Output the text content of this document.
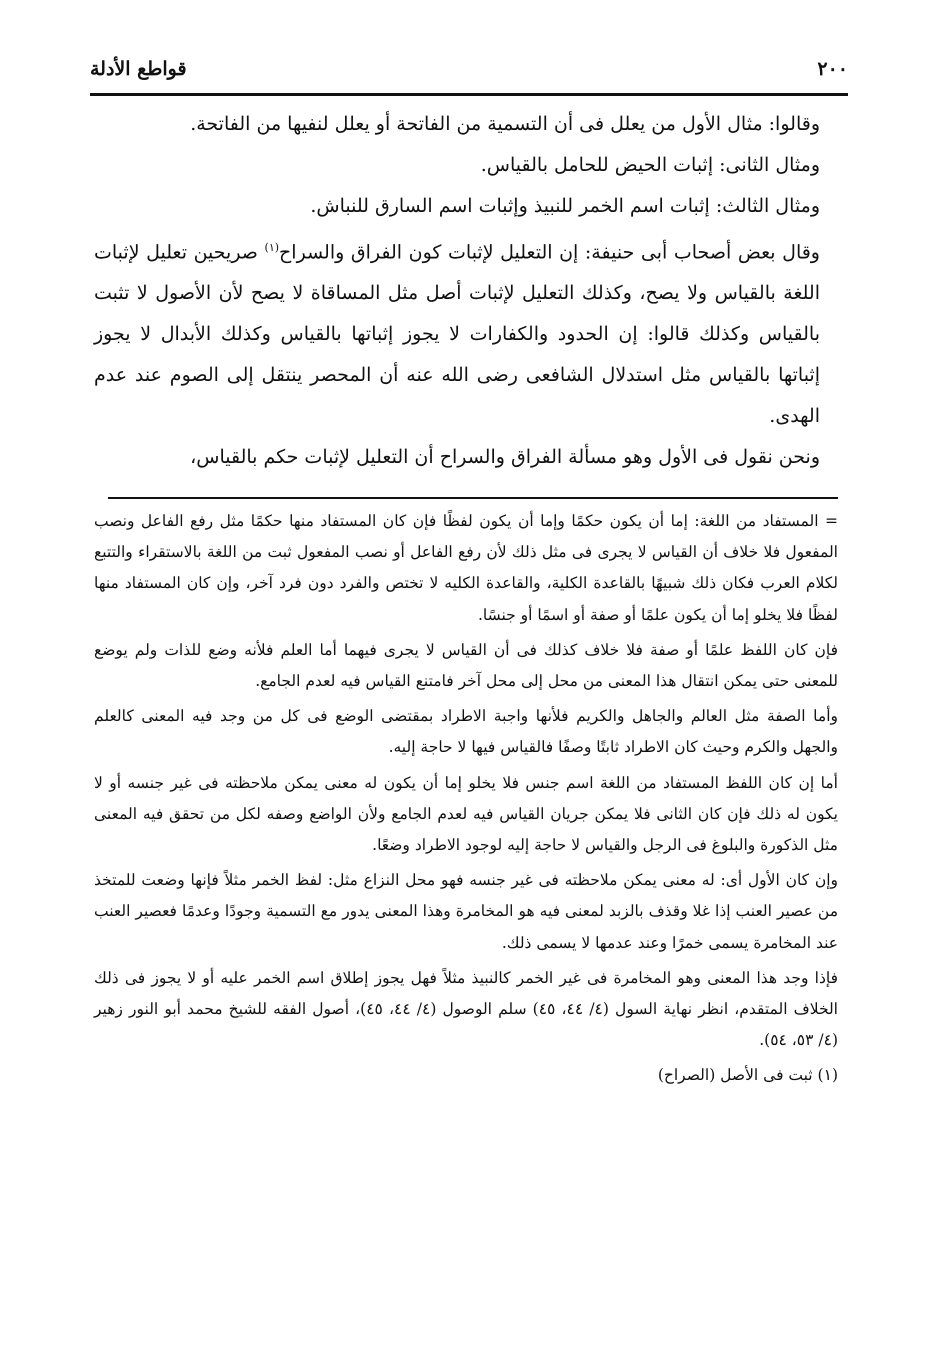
٢٠٠
قواطع الأدلة

وقالوا: مثال الأول من يعلل فى أن التسمية من الفاتحة أو يعلل لنفيها من الفاتحة.

ومثال الثانى: إثبات الحيض للحامل بالقياس.

ومثال الثالث: إثبات اسم الخمر للنبيذ وإثبات اسم السارق للنباش.

وقال بعض أصحاب أبى حنيفة: إن التعليل لإثبات كون الفراق والسراح$^{(١)}$ صريحين تعليل لإثبات اللغة بالقياس ولا يصح، وكذلك التعليل لإثبات أصل مثل المساقاة لا يصح لأن الأصول لا تثبت بالقياس وكذلك قالوا: إن الحدود والكفارات لا يجوز إثباتها بالقياس وكذلك الأبدال لا يجوز إثباتها بالقياس مثل استدلال الشافعى رضى الله عنه أن المحصر ينتقل إلى الصوم عند عدم الهدى.

ونحن نقول فى الأول وهو مسألة الفراق والسراح أن التعليل لإثبات حكم بالقياس،

= المستفاد من اللغة: إما أن يكون حكمًا وإما أن يكون لفظًا فإن كان المستفاد منها حكمًا مثل رفع الفاعل ونصب المفعول فلا خلاف أن القياس لا يجرى فى مثل ذلك لأن رفع الفاعل أو نصب المفعول ثبت من اللغة بالاستقراء والتتبع لكلام العرب فكان ذلك شبيهًا بالقاعدة الكلية، والقاعدة الكليه لا تختص والفرد دون فرد آخر، وإن كان المستفاد منها لفظًا فلا يخلو إما أن يكون علمًا أو صفة أو اسمًا أو جنسًا.

فإن كان اللفظ علمًا أو صفة فلا خلاف كذلك فى أن القياس لا يجرى فيهما أما العلم فلأنه وضع للذات ولم يوضع للمعنى حتى يمكن انتقال هذا المعنى من محل إلى محل آخر فامتنع القياس فيه لعدم الجامع.

وأما الصفة مثل العالم والجاهل والكريم فلأنها واجبة الاطراد بمقتضى الوضع فى كل من وجد فيه المعنى كالعلم والجهل والكرم وحيث كان الاطراد ثابتًا وصفًا فالقياس فيها لا حاجة إليه.

أما إن كان اللفظ المستفاد من اللغة اسم جنس فلا يخلو إما أن يكون له معنى يمكن ملاحظته فى غير جنسه أو لا يكون له ذلك فإن كان الثانى فلا يمكن جريان القياس فيه لعدم الجامع ولأن الواضع وصفه لكل من تحقق فيه المعنى مثل الذكورة والبلوغ فى الرجل والقياس لا حاجة إليه لوجود الاطراد وضعًا.

وإن كان الأول أى: له معنى يمكن ملاحظته فى غير جنسه فهو محل النزاع مثل: لفظ الخمر مثلاً فإنها وضعت للمتخذ من عصير العنب إذا غلا وقذف بالزبد لمعنى فيه هو المخامرة وهذا المعنى يدور مع التسمية وجودًا وعدمًا فعصير العنب عند المخامرة يسمى خمرًا وعند عدمها لا يسمى ذلك.

فإذا وجد هذا المعنى وهو المخامرة فى غير الخمر كالنبيذ مثلاً فهل يجوز إطلاق اسم الخمر عليه أو لا يجوز فى ذلك الخلاف المتقدم، انظر نهاية السول (٤/ ٤٤، ٤٥) سلم الوصول (٤/ ٤٤، ٤٥)، أصول الفقه للشيخ محمد أبو النور زهير (٤/ ٥٣، ٥٤).

(١) ثبت فى الأصل (الصراح)
